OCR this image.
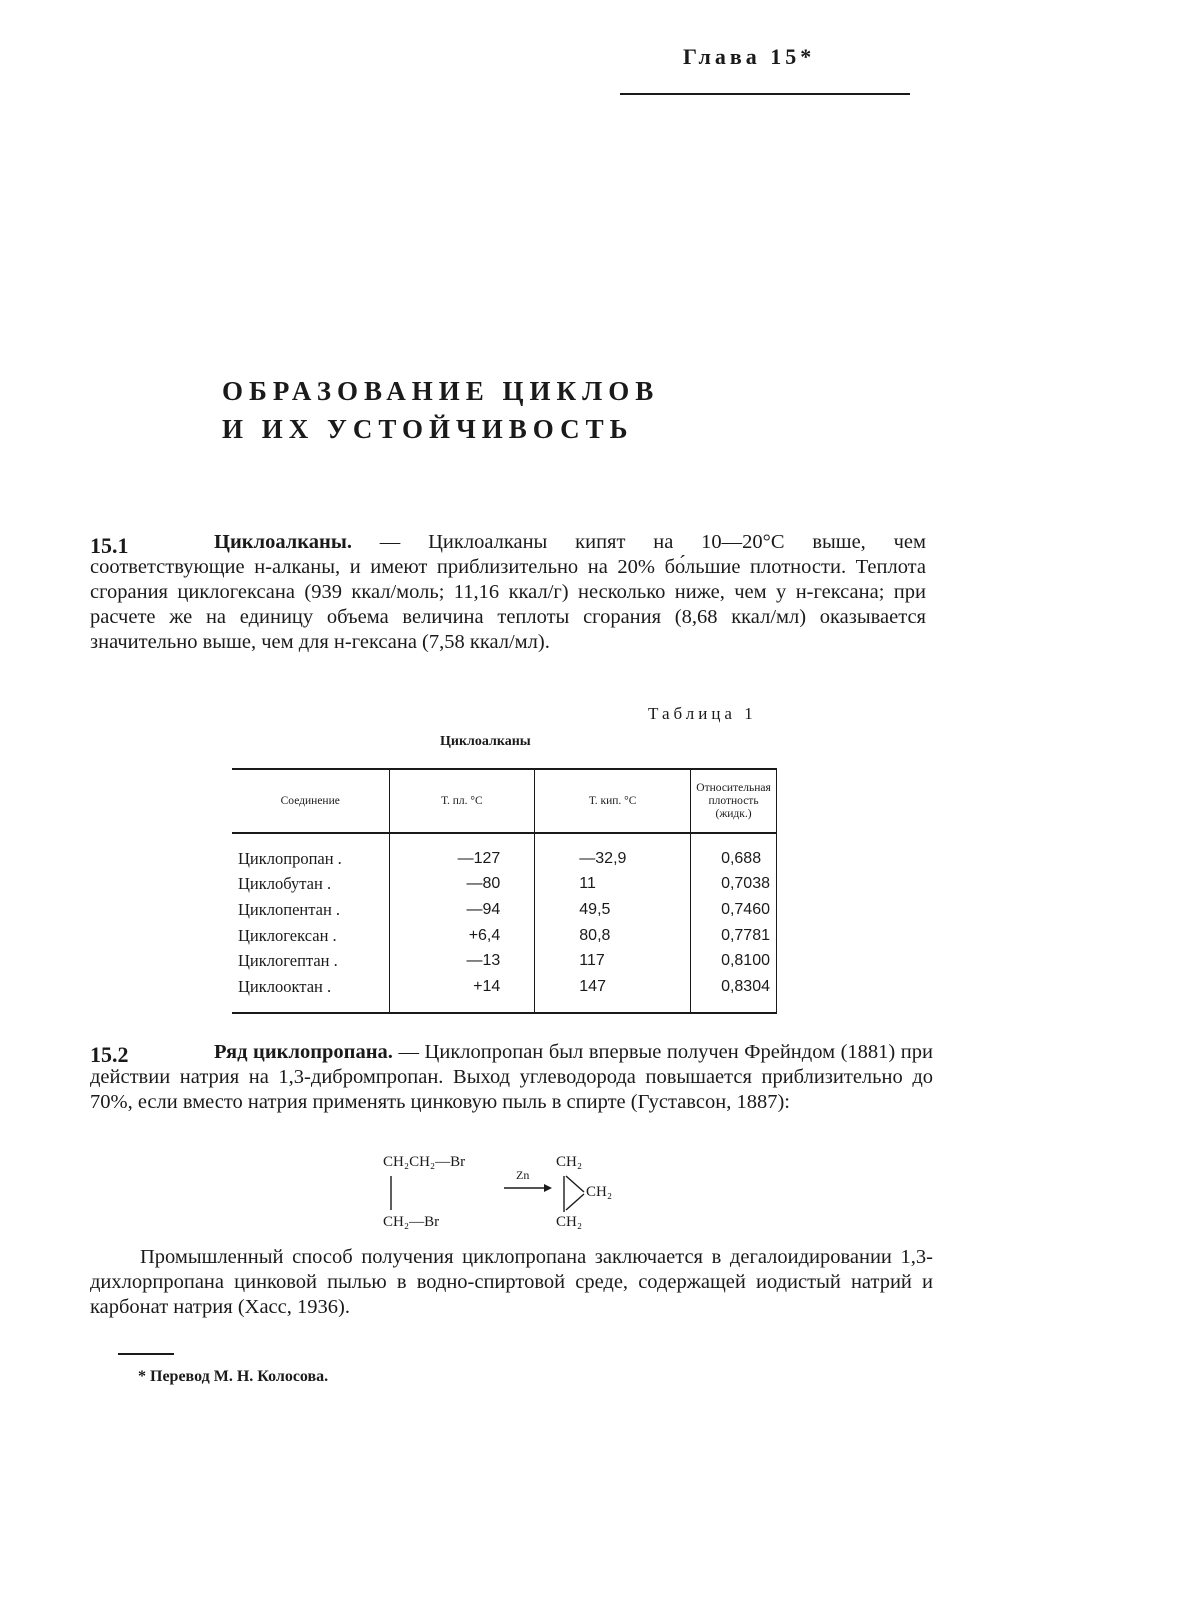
Глава 15*
ОБРАЗОВАНИЕ ЦИКЛОВ
И ИХ УСТОЙЧИВОСТЬ
15.1	Циклоалканы. — Циклоалканы кипят на 10—20°C выше, чем соответствующие н-алканы, и имеют приблизительно на 20% бо́льшие плотности. Теплота сгорания циклогексана (939 ккал/моль; 11,16 ккал/г) несколько ниже, чем у н-гексана; при расчете же на единицу объема величина теплоты сгорания (8,68 ккал/мл) оказывается значительно выше, чем для н-гексана (7,58 ккал/мл).
Таблица 1
Циклоалканы
Соединение	Т. пл. °C	Т. кип. °C	Относительная плотность (жидк.)

Циклопропан .	—127	—32,9	0,688
Циклобутан .	—80	11	0,7038
Циклопентан .	—94	49,5	0,7460
Циклогексан .	+6,4	80,8	0,7781
Циклогептан .	—13	117	0,8100
Циклооктан .	+14	147	0,8304

15.2	Ряд циклопропана. — Циклопропан был впервые получен Фрейндом (1881) при действии натрия на 1,3-дибромпропан. Выход углеводорода повышается приблизительно до 70%, если вместо натрия применять цинковую пыль в спирте (Густавсон, 1887):
CH₂CH₂—Br
Zn
CH₂
CH₂
CH₂
CH₂—Br
Промышленный способ получения циклопропана заключается в дегалоидировании 1,3-дихлорпропана цинковой пылью в водно-спиртовой среде, содержащей иодистый натрий и карбонат натрия (Хасс, 1936).
* Перевод М. Н. Колосова.
